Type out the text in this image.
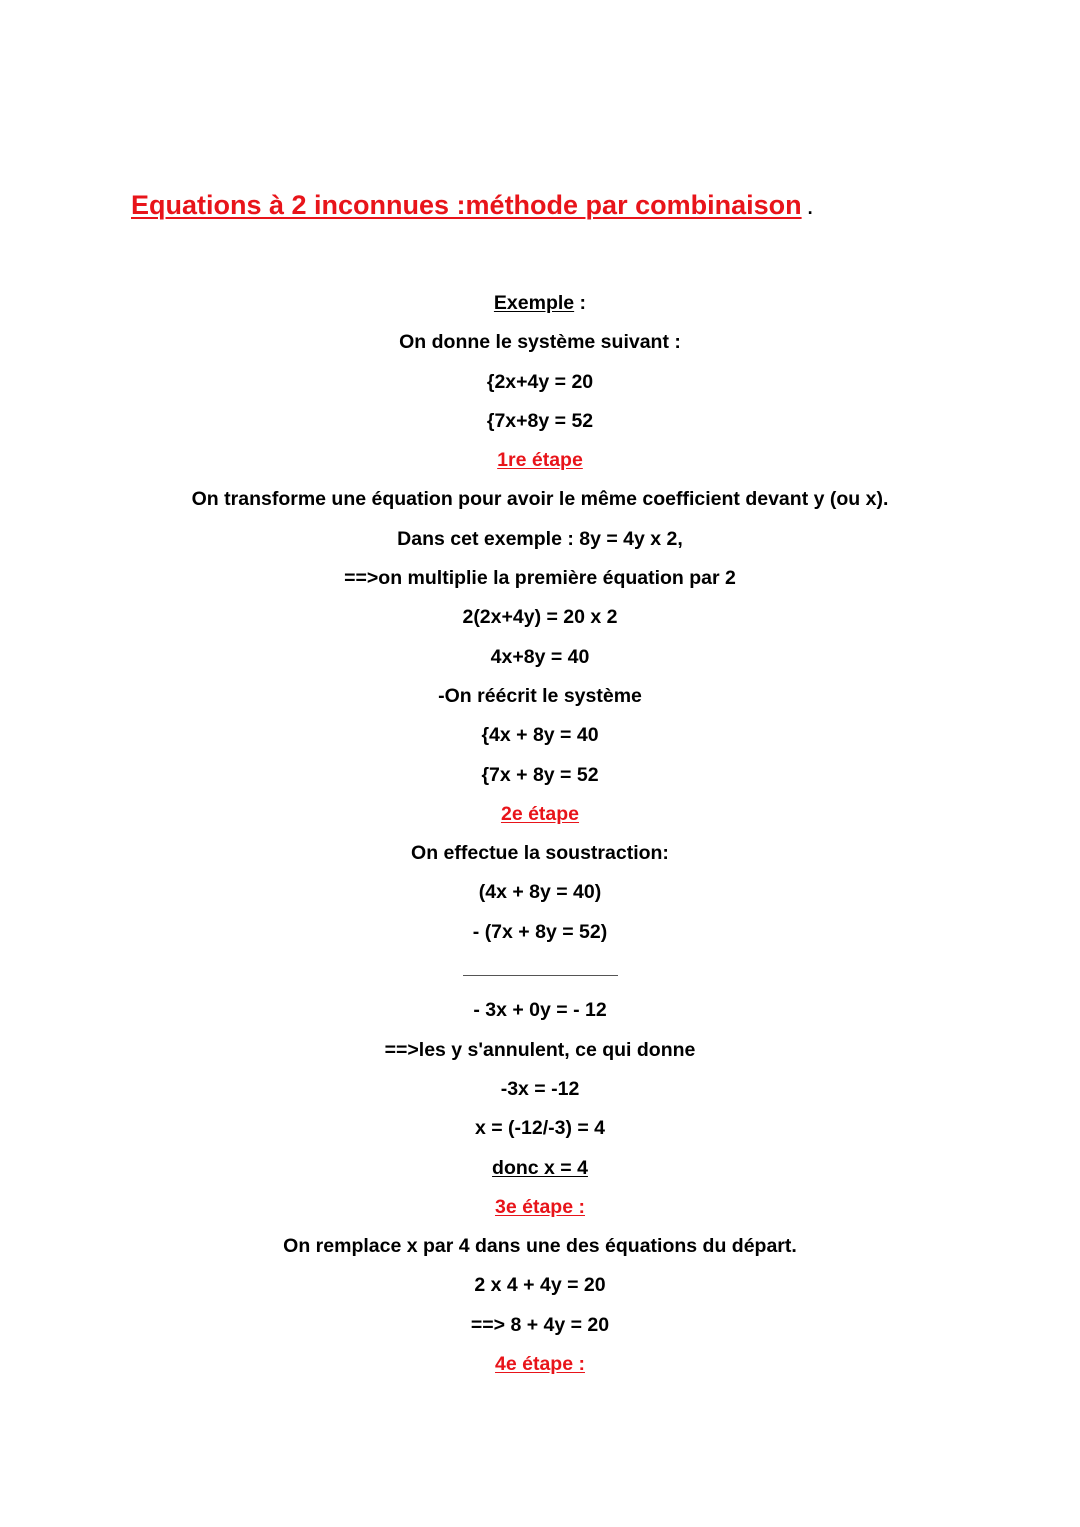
Equations à 2 inconnues :méthode par combinaison .
Exemple :
On donne le système suivant :
{2x+4y = 20
{7x+8y = 52
1re étape
On transforme une équation pour avoir le même coefficient devant y (ou x).
Dans cet exemple : 8y = 4y x 2,
==>on multiplie la première équation par 2
2(2x+4y) = 20 x 2
4x+8y = 40
-On réécrit le système
{4x + 8y = 40
{7x + 8y = 52
2e étape
On effectue la soustraction:
(4x + 8y = 40)
- (7x + 8y = 52)
- 3x + 0y = - 12
==>les y s'annulent, ce qui donne
-3x = -12
x = (-12/-3) = 4
donc x = 4
3e étape :
On remplace x par 4 dans une des équations du départ.
2 x 4 + 4y = 20
==> 8 + 4y = 20
4e étape :
